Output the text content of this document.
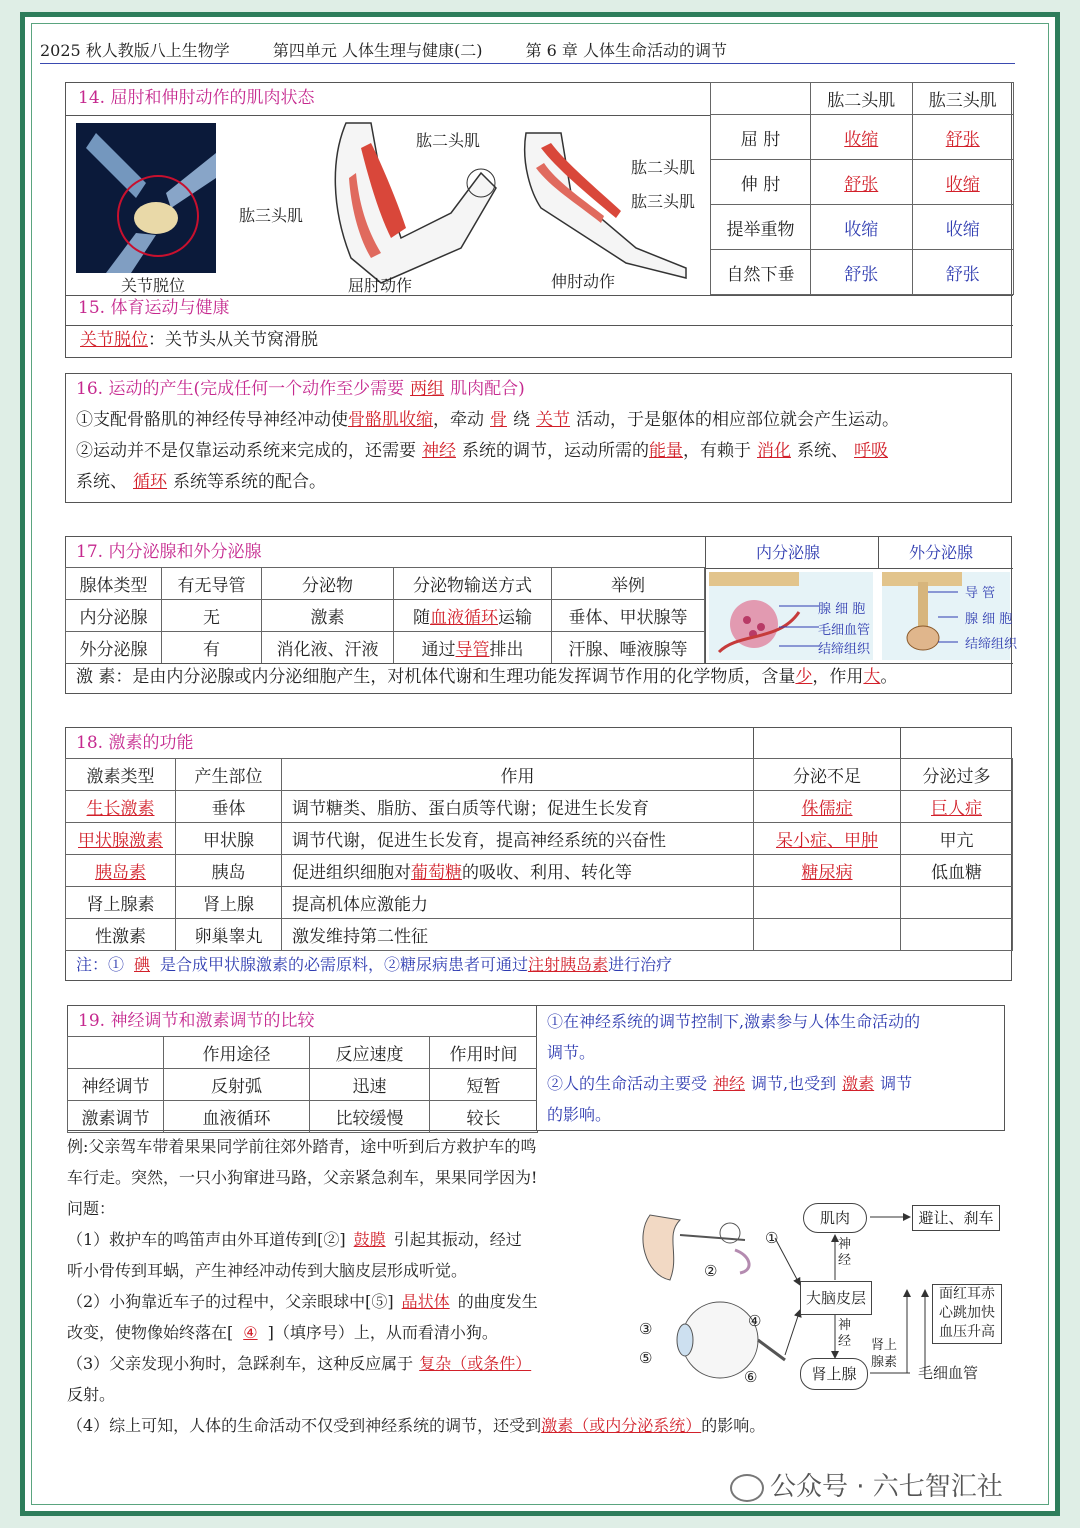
2025 秋人教版八上生物学	第四单元 人体生理与健康(二)	第 6 章 人体生命活动的调节
14. 屈肘和伸肘动作的肌肉状态
关节脱位
肱二头肌
肱三头肌
屈肘动作
肱二头肌
肱三头肌
伸肘动作
	肱二头肌	肱三头肌
屈 肘	收缩	舒张
伸 肘	舒张	收缩
提举重物	收缩	收缩
自然下垂	舒张	舒张
15. 体育运动与健康
关节脱位：关节头从关节窝滑脱
16. 运动的产生(完成任何一个动作至少需要 两组 肌肉配合)
①支配骨骼肌的神经传导神经冲动使骨骼肌收缩，牵动 骨 绕 关节 活动，于是躯体的相应部位就会产生运动。
②运动并不是仅靠运动系统来完成的，还需要 神经 系统的调节，运动所需的能量，有赖于 消化 系统、 呼吸
系统、 循环 系统等系统的配合。
17. 内分泌腺和外分泌腺
腺体类型	有无导管	分泌物	分泌物输送方式	举例
内分泌腺	无	激素	随血液循环运输	垂体、甲状腺等
外分泌腺	有	消化液、汗液	通过导管排出	汗腺、唾液腺等
内分泌腺	外分泌腺
腺 细 胞
毛细血管
结缔组织
导 管
腺 细 胞
结缔组织
激 素：是由内分泌腺或内分泌细胞产生，对机体代谢和生理功能发挥调节作用的化学物质，含量少，作用大。
18. 激素的功能
激素类型	产生部位	作用	分泌不足	分泌过多
生长激素	垂体	调节糖类、脂肪、蛋白质等代谢；促进生长发育	侏儒症	巨人症
甲状腺激素	甲状腺	调节代谢，促进生长发育，提高神经系统的兴奋性	呆小症、甲肿	甲亢
胰岛素	胰岛	促进组织细胞对葡萄糖的吸收、利用、转化等	糖尿病	低血糖
肾上腺素	肾上腺	提高机体应激能力		
性激素	卵巢睾丸	激发维持第二性征		
注：① 碘 是合成甲状腺激素的必需原料，②糖尿病患者可通过注射胰岛素进行治疗
19. 神经调节和激素调节的比较
	作用途径	反应速度	作用时间
神经调节	反射弧	迅速	短暂
激素调节	血液循环	比较缓慢	较长
①在神经系统的调节控制下,激素参与人体生命活动的
调节。
②人的生命活动主要受 神经 调节,也受到 激素 调节
的影响。
例:父亲驾车带着果果同学前往郊外踏青，途中听到后方救护车的鸣
车行走。突然，一只小狗窜进马路，父亲紧急刹车，果果同学因为!
问题：
（1）救护车的鸣笛声由外耳道传到[②] 鼓膜 引起其振动，经过
听小骨传到耳蜗，产生神经冲动传到大脑皮层形成听觉。
（2）小狗靠近车子的过程中，父亲眼球中[⑤] 晶状体 的曲度发生
改变，使物像始终落在[ ④ ]（填序号）上，从而看清小狗。
（3）父亲发现小狗时，急踩刹车，这种反应属于 复杂（或条件）
反射。
（4）综上可知，人体的生命活动不仅受到神经系统的调节，还受到激素（或内分泌系统）的影响。
①
②
③	④
⑤
⑥
肌肉	避让、刹车
神经
大脑皮层
神经
肾上腺
肾上腺素
毛细血管
面红耳赤
心跳加快
血压升高
公众号 · 六七智汇社
